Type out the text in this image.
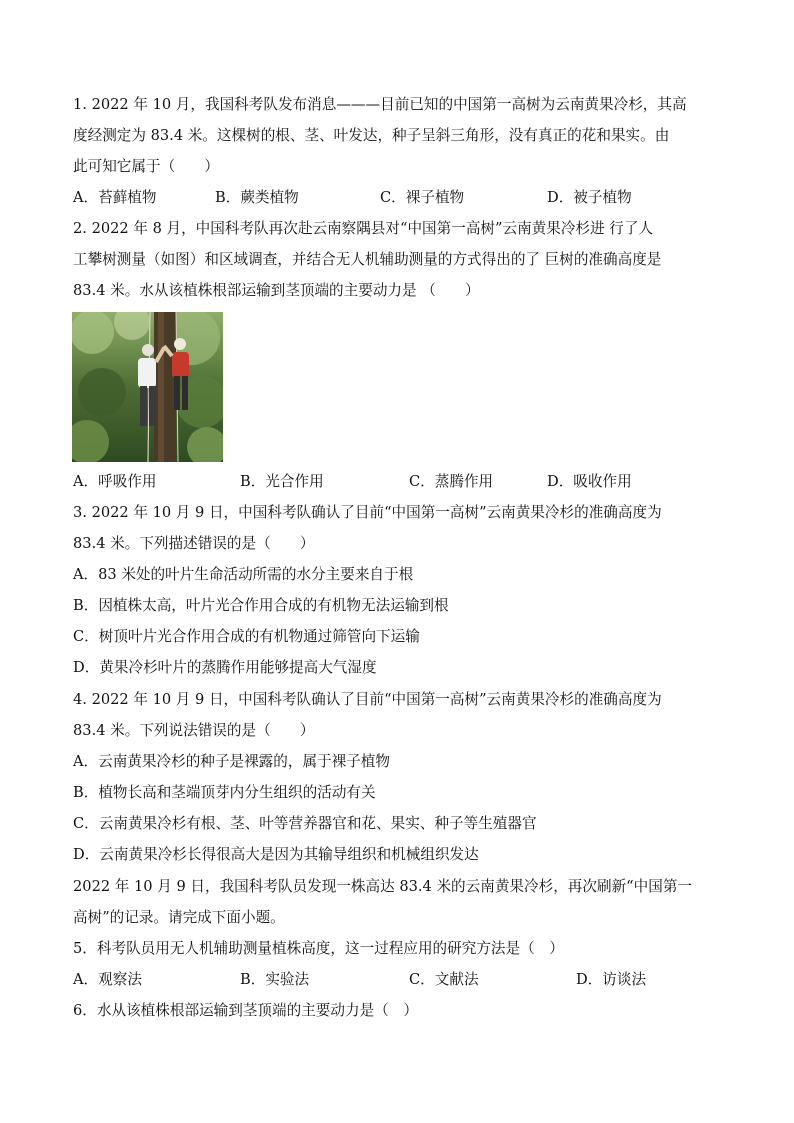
1. 2022 年 10 月，我国科考队发布消息———目前已知的中国第一高树为云南黄果冷杉，其高
度经测定为 83.4 米。这棵树的根、茎、叶发达，种子呈斜三角形，没有真正的花和果实。由
此可知它属于（　　）
A．苔藓植物	B．蕨类植物	C．裸子植物	D．被子植物
2. 2022 年 8 月，中国科考队再次赴云南察隅县对“中国第一高树”云南黄果冷杉进 行了人
工攀树测量（如图）和区域调查，并结合无人机辅助测量的方式得出的了 巨树的准确高度是
83.4 米。水从该植株根部运输到茎顶端的主要动力是 （　　）
A．呼吸作用	B．光合作用	C．蒸腾作用	D．吸收作用
3. 2022 年 10 月 9 日，中国科考队确认了目前“中国第一高树”云南黄果冷杉的准确高度为
83.4 米。下列描述错误的是（　　）
A．83 米处的叶片生命活动所需的水分主要来自于根
B．因植株太高，叶片光合作用合成的有机物无法运输到根
C．树顶叶片光合作用合成的有机物通过筛管向下运输
D．黄果冷杉叶片的蒸腾作用能够提高大气湿度
4. 2022 年 10 月 9 日，中国科考队确认了目前“中国第一高树”云南黄果冷杉的准确高度为
83.4 米。下列说法错误的是（　　）
A．云南黄果冷杉的种子是裸露的，属于裸子植物
B．植物长高和茎端顶芽内分生组织的活动有关
C．云南黄果冷杉有根、茎、叶等营养器官和花、果实、种子等生殖器官
D．云南黄果冷杉长得很高大是因为其输导组织和机械组织发达
2022 年 10 月 9 日，我国科考队员发现一株高达 83.4 米的云南黄果冷杉，再次刷新“中国第一
高树”的记录。请完成下面小题。
5．科考队员用无人机辅助测量植株高度，这一过程应用的研究方法是（　）
A．观察法	B．实验法	C．文献法	D．访谈法
6．水从该植株根部运输到茎顶端的主要动力是（　）
